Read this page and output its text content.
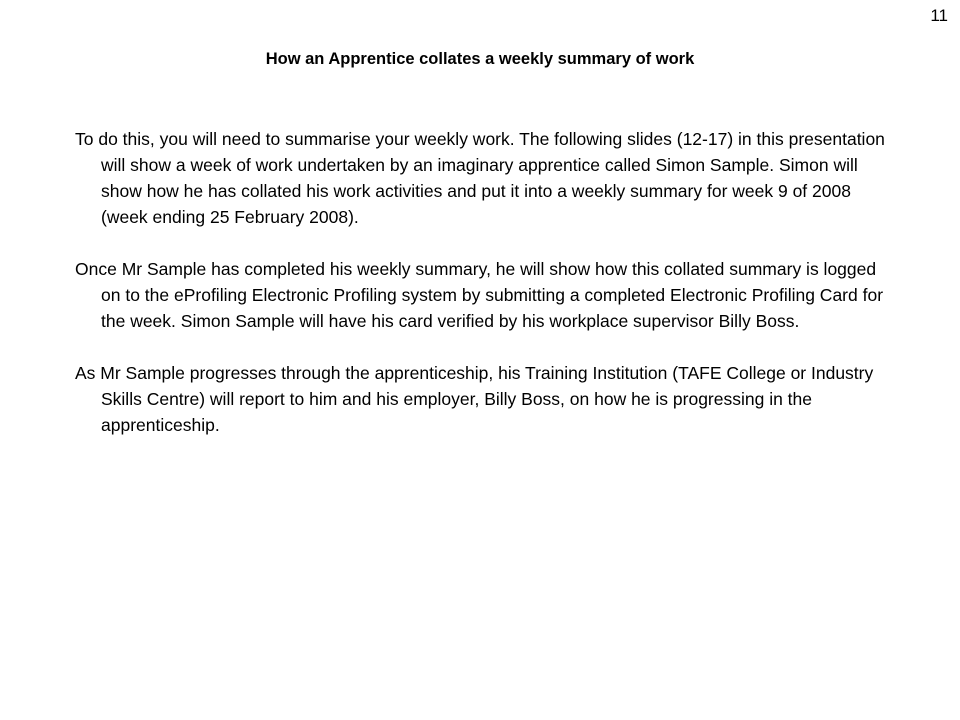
11
How an Apprentice collates a weekly summary of work

To do this, you will need to summarise your weekly work. The following slides (12-17) in this presentation will show a week of work undertaken by an imaginary apprentice called Simon Sample. Simon will show how he has collated his work activities and put it into a weekly summary for week 9 of 2008 (week ending 25 February 2008).

Once Mr Sample has completed his weekly summary, he will show how this collated summary is logged on to the eProfiling Electronic Profiling system by submitting a completed Electronic Profiling Card for the week. Simon Sample will have his card verified by his workplace supervisor Billy Boss.

As Mr Sample progresses through the apprenticeship, his Training Institution (TAFE College or Industry Skills Centre) will report to him and his employer, Billy Boss, on how he is progressing in the apprenticeship.
